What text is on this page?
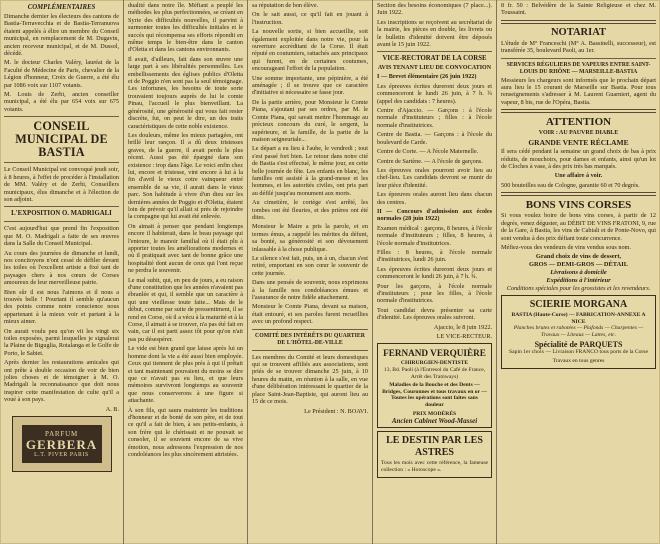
COMPLÉMENTAIRES

Dimanche dernier les électeurs des cantons de Bastia-Terravecchia et de Bastia-Terranuova étaient appelés à élire un membre du Conseil municipal, en remplacement de M. Dugavin, ancien receveur municipal, et de M. Dussol, décédé.

M. le docteur Charles Valéry, lauréat de la Faculté de Médecine de Paris, chevalier de la Légion d'honneur, Croix de Guerre, a été élu par 1086 voix sur 1107 votants.

M. Louis de Zerbi, ancien conseiller municipal, a été élu par 654 voix sur 675 votants.

CONSEIL MUNICIPAL DE BASTIA

Le Conseil Municipal est convoqué jeudi soir, à 8 heures, à l'effet de procéder à l'installation de MM. Valéry et de Zerbi, Conseillers municipaux, élus dimanche et à l'élection de son adjoint.

L'EXPOSITION O. MADRIGALI

C'est aujourd'hui que prend fin l'exposition que M. O. Madrigali a faite de ses œuvres dans la Salle du Conseil Municipal.

Au cours des journées de dimanche et lundi, nos concitoyens n'ont cessé de défiler devant les toiles où l'excellent artiste a fixé tant de paysages chers à nos cœurs de Corses amoureux de leur merveilleuse patrie.

Bien sûr il est nous l'aimons et il nous a trouvés belle ! Pourtant il semble qu'aucun des points comme notre conscience nous appartenant à la mieux voir et partant à la mieux aimer.

On aurait voulu peu qu'on vit les vingt six toiles exposées, parmi lesquelles je signalerai la Plaine de Biguglia, Rotalanga et le Golfe de Porto, le Sabiet.

Après dernier les restaurations amicales qui ont prête à double occasion de voir de bien jolies choses et de témoigner à M. O. Madrigali la reconnaissance que doit nous inspirer cette manifestation de culte qu'il a voué à son pays.

A. B.
PARFUM
GERBERA
L.T. PIVER PARIS

dualité dans notre île. Méfiant a peuplé les méthodes les plus perfectionnées, se créant en Syrie des difficultés nouvelles, il parvint à surmonter toutes les difficultés initiales et le succès qui récompensa ses efforts répondit en même temps le bien-être dans le canton d'Oletta et dans les cantons environnants.

Il avait, d'ailleurs, fait dans son œuvre une large part à ses libéralités personnelles. Les embellissements des églises publics d'Oletta et de Poggio n'en sont pas la seul témoignage. Les infortunes, les besoins de toute sorte trouvaient toujours auprès de lui le comte Pinau, l'accueil le plus bienveillant. La générosité, une générosité qui vous fait rester discrète, fut, on peut le dire, un des traits caractéristiques de cette noble existence.

Les douleurs, même les mieux partagées, ont brillé leur rançon. Il a dû deux tristesses graves, de la guerre, il avait perdu le plus récent. Aussi pas été épargné dans son existence : trop dans l'âge. Le voici enfin chez lui, encore et tristesse, vint encore à lui à la fin d'avril le vieux cotre vainqueur entré ensemble de sa vie, il aurait dans le vieux parc. Son habitude à vivre d'un dieu sur les dernières années de Poggio et d'Oletta, étaient loin de prévoir qu'il allait si près de rejoindre la compagne qui lui avait été enlevée.

On aimait à penser que pendant longtemps encore il habiterait, dans le beau paysage qui l'entoure, le manoir familial où il était plu à apporter toutes les améliorations modernes et où il pratiquait avec tant de bonne grâce une hospitalité dont aucun de ceux qui l'ont reçue ne perdra le souvenir.

Le mal subit, qui, en peu de jours, a eu raison d'une constitution que les années n'avaient pas ébranlée et qui, il semble que un caractère à qui une vieillesse toute faite... Mais de le début, comme par suite de pressentiment, il se rend en Corse, où il a vécu à la maturité et à la Corse, il aimait à se trouver, n'a pas été fait en vain, car il est parti assez tôt pour qu'on n'ait pas pu désespérer.

Le vide est bien grand que laisse après lui un homme dont la vie a été aussi bien employée. Ceux qui tiennent de plus près à qui il prêtait et tant maintenant pouvaient du moins se dire que ce n'avait pas eu lieu, et que leurs mémoires survivront longtemps au souvenir que nous conserverons à une figure si attachante.

À son fils, qui saura maintenir les traditions d'honneur et de bonté de son père, et de tout ce qu'il a fait de bien, à ses petits-enfants, à son frère qui le chérissait et ne pouvait se consoler, il se souvient encore de sa vive émotion, nous adressons l'expression de nos condoléances les plus sincèrement attristées.

sa réputation de bon élève.

On le sait aussi, ce qu'il fait en jouant à l'instruction.

La nouvelle sortie, si bien accueillie, soit également exploitée dans notre vie, pour la ouverture accréditant de la Corse. Il était réputé en coutumiers, rattachés aux principaux qui furent, en de certaines coutumes, encourageant l'effort de la population.

Une somme importante, une pépinière, a été aménagée ; il se trouve que ce caractère d'initiative si nécessaire se fasse jour.

De la partie arrière, pour Monsieur le Comte Piana, s'ajoutant par ses ordres, par M. le Comte Piana, qui savait mettre l'hommage au précieux concours du curé, le sergent, la supérieure, et la famille, de la partie de la maison seigneuriale...

Le départ a eu lieu à l'aube, le vendredi ; tout s'est passé fort bien. Le retour dans notre cité de Bastia s'est effectué, le même jour, en cette belle journée de fête. Les enfants en blanc, les familles ont assisté à la grand-messe et les hommes, et les autorités civiles, ont pris part au défilé jusqu'au monument aux morts.

Au cimetière, le cortège s'est arrêté, les tombes ont été fleuries, et des prières ont été dites.

Monsieur le Maire a pris la parole, et en termes émus, a rappelé les mérites du défunt, sa bonté, sa générosité et son dévouement inlassable à la chose publique.

Le silence s'est fait, puis, un à un, chacun s'est retiré, emportant en son cœur le souvenir de cette journée.

Dans une pensée de souvenir, nous exprimons à la famille nos condoléances émues et l'assurance de notre fidèle attachement.

Monsieur le Comte Piana, devant sa maison, était entouré, et ses paroles furent recueillies avec un profond respect.

COMITÉ DES INTÉRÊTS DU QUARTIER DE L'HÔTEL-DE-VILLE

Les membres du Comité et leurs domestiques qui se trouvent affiliés aux associations, sont priés de se trouver dimanche 25 juin, à 10 heures du matin, en réunion à la salle, en vue d'une délibération intéressant le quartier de la place Saint-Jean-Baptiste, qui auront lieu au 15 de ce mois.

Le Président : N. BOAVI.

Section des besoins économiques (7 place...). Juin 1922.

Les inscriptions se reçoivent au secrétariat de la mairie, les pièces en double, les livrets ou le bulletin d'identité doivent être déposés avant le 15 juin 1922.

VICE-RECTORAT DE LA CORSE
AVIS TENANT LIEU DE CONVOCATION

I — Brevet élémentaire (26 juin 1922)

Les épreuves écrites dureront deux jours et commenceront le lundi 26 juin, à 7 h. ¾ (appel des candidats : 7 heures).

Centre d'Ajaccio. — Garçons : à l'école normale d'instituteurs ; filles : à l'école normale d'institutrices.

Centre de Bastia. — Garçons : à l'école du boulevard de Carde.

Centre de Corte. — A l'école Maternelle.

Centre de Sartène. — A l'école de garçons.

Les épreuves orales pourront avoir lieu au chef-lieu. Les candidats devront se munir de leur pièce d'identité.

Les épreuves orales auront lieu dans chacun des centres.

II — Concours d'admission aux écoles normales (28 juin 1922)

Examen médical : garçons, 8 heures, à l'école normale d'instituteurs ; filles, 8 heures, à l'école normale d'institutrices.

Filles : 8 heures, à l'école normale d'institutrices, lundi 26 juin.

Les épreuves écrites dureront deux jours et commenceront le lundi 26 juin, à 7 h. ¾.

Pour les garçons, à l'école normale d'instituteurs ; pour les filles, à l'école normale d'institutrices.

Tout candidat devra présenter sa carte d'identité. Les épreuves orales suivront.

Ajaccio, le 8 juin 1922.
LE VICE-RECTEUR.
FERNAND VERQUIÈRE
CHIRURGIEN-DENTISTE

13, Bd. Paoli (à l'Entresol du Café de France, Arrêt des Tramways)

Maladies de la Bouche et des Dents — Bridges, Couronnes et tous travaux en or — Toutes les opérations sont faites sans douleur

PRIX MODÉRÉS
Ancien Cabinet Wood-Massei
LE DESTIN PAR LES ASTRES

Tous les mois avec cette référence, la fameuse collection : « Horoscope ».

8 fr. 50 : Belvédère de la Sainte Religieuse et chez M. Toussaint.

NOTARIAT

L'étude de M° Franceschi (M° A. Bassinelli, successeur), est transférée 35, boulevard Paoli, au 1er.

SERVICES RÉGULIERS DE VAPEURS ENTRE SAINT-LOUIS DU RHÔNE — MARSEILLE-BASTIA

Messieurs les chargeurs sont informés que le prochain départ aura lieu le 15 courant de Marseille sur Bastia. Pour tous renseignements s'adresser à M. Laurent Guarnieri, agent du vapeur, 8 bis, rue de l'Opéra, Bastia.

ATTENTION
VOIR : AU PAUVRE DIABLE
GRANDE VENTE RÉCLAME

Il sera cédé pendant la semaine un grand choix de bas à prix réduits, de mouchoirs, pour dames et enfants, ainsi qu'un lot de Cloches à vase, à des prix très bas marqués.

Une affaire à voir.

500 bouteilles eau de Cologne, garantie 60 et 70 degrés.

BONS VINS CORSES

Si vous voulez boire de bons vins corses, à partir de 12 degrés, venez déguster, au DÉBIT DE VINS FRATONI, 9, rue de la Gare, à Bastia, les vins de Cabiali et de Ponte-Novo, qui sont vendus à des prix défiant toute concurrence.

Méfiez-vous des vendeurs de vins vendus sous nom.

Grand choix de vins de dessert,
GROS — DEMI-GROS — DÉTAIL
Livraisons à domicile
Expéditions à l'intérieur

Conditions spéciales pour les grossistes et les revendeurs.

SCIERIE MORGANA
BASTIA (Haute-Corse) — FABRICATION-ANNEXE A NICE

Planches brutes et rabotées — Plafonds — Charpentes — Travaux — Liteaux — Lattes, etc.

Spécialité de PARQUETS

Sapin 1er choix — Livraison FRANCO tous ports de la Corse

Travaux en tous genres
